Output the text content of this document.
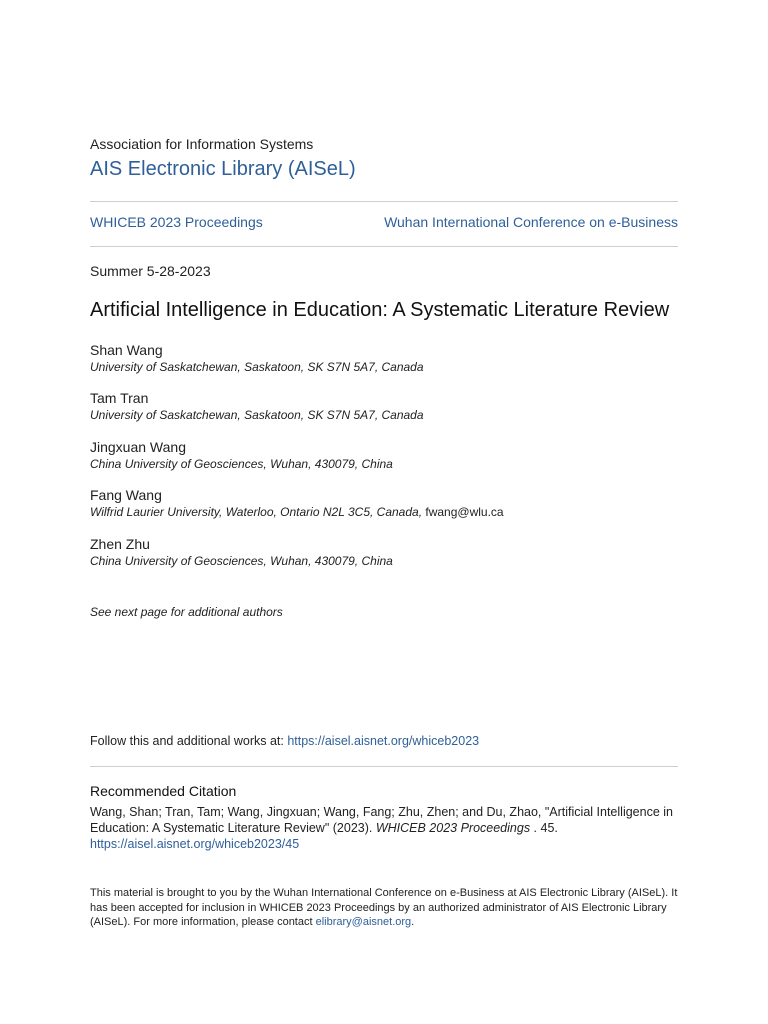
Association for Information Systems
AIS Electronic Library (AISeL)
WHICEB 2023 Proceedings	Wuhan International Conference on e-Business
Summer 5-28-2023
Artificial Intelligence in Education: A Systematic Literature Review
Shan Wang
University of Saskatchewan, Saskatoon, SK S7N 5A7, Canada
Tam Tran
University of Saskatchewan, Saskatoon, SK S7N 5A7, Canada
Jingxuan Wang
China University of Geosciences, Wuhan, 430079, China
Fang Wang
Wilfrid Laurier University, Waterloo, Ontario N2L 3C5, Canada, fwang@wlu.ca
Zhen Zhu
China University of Geosciences, Wuhan, 430079, China
See next page for additional authors
Follow this and additional works at: https://aisel.aisnet.org/whiceb2023
Recommended Citation
Wang, Shan; Tran, Tam; Wang, Jingxuan; Wang, Fang; Zhu, Zhen; and Du, Zhao, "Artificial Intelligence in Education: A Systematic Literature Review" (2023). WHICEB 2023 Proceedings . 45.
https://aisel.aisnet.org/whiceb2023/45
This material is brought to you by the Wuhan International Conference on e-Business at AIS Electronic Library (AISeL). It has been accepted for inclusion in WHICEB 2023 Proceedings by an authorized administrator of AIS Electronic Library (AISeL). For more information, please contact elibrary@aisnet.org.
